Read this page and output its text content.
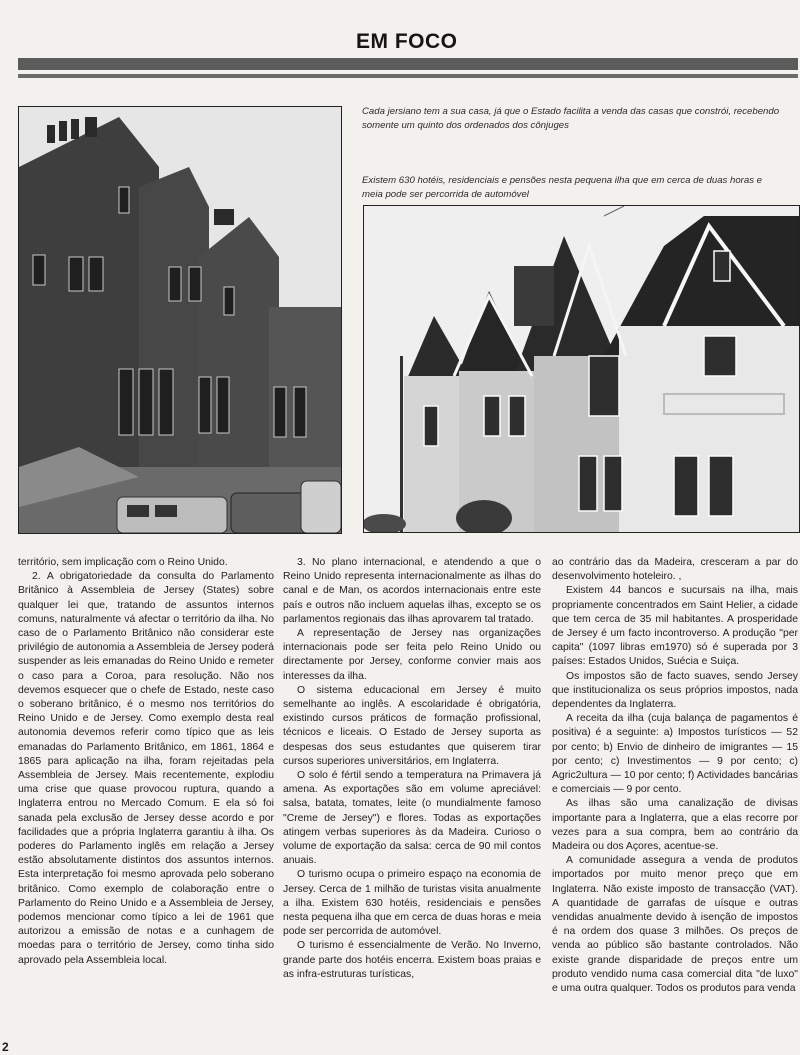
EM FOCO
Cada jersiano tem a sua casa, já que o Estado facilita a venda das casas que constrói, recebendo somente um quinto dos ordenados dos cônjuges
Existem 630 hotéis, residenciais e pensões nesta pequena ilha que em cerca de duas horas e meia pode ser percorrida de automóvel

território, sem implicação com o Reino Unido.

2. A obrigatoriedade da consulta do Parlamento Britânico à Assembleia de Jersey (States) sobre qualquer lei que, tratando de assuntos internos comuns, naturalmente vá afectar o território da ilha. No caso de o Parlamento Britânico não considerar este privilégio de autonomia a Assembleia de Jersey poderá suspender as leis emanadas do Reino Unido e remeter o caso para a Coroa, para resolução. Não nos devemos esquecer que o chefe de Estado, neste caso o soberano britânico, é o mesmo nos territórios do Reino Unido e de Jersey. Como exemplo desta real autonomia devemos referir como típico que as leis emanadas do Parlamento Britânico, em 1861, 1864 e 1865 para aplicação na ilha, foram rejeitadas pela Assembleia de Jersey. Mais recentemente, explodiu uma crise que quase provocou ruptura, quando a Inglaterra entrou no Mercado Comum. E ela só foi sanada pela exclusão de Jersey desse acordo e por facilidades que a própria Inglaterra garantiu à ilha. Os poderes do Parlamento inglês em relação a Jersey estão absolutamente distintos dos assuntos internos. Esta interpretação foi mesmo aprovada pelo soberano britânico. Como exemplo de colaboração entre o Parlamento do Reino Unido e a Assembleia de Jersey, podemos mencionar como típico a lei de 1961 que autorizou a emissão de notas e a cunhagem de moedas para o território de Jersey, como tinha sido aprovado pela Assembleia local.

3. No plano internacional, e atendendo a que o Reino Unido representa internacionalmente as ilhas do canal e de Man, os acordos internacionais entre este país e outros não incluem aquelas ilhas, excepto se os parlamentos regionais das ilhas aprovarem tal tratado.

A representação de Jersey nas organizações internacionais pode ser feita pelo Reino Unido ou directamente por Jersey, conforme convier mais aos interesses da ilha.

O sistema educacional em Jersey é muito semelhante ao inglês. A escolaridade é obrigatória, existindo cursos práticos de formação profissional, técnicos e liceais. O Estado de Jersey suporta as despesas dos seus estudantes que quiserem tirar cursos superiores universitários, em Inglaterra.

O solo é fértil sendo a temperatura na Primavera já amena. As exportações são em volume apreciável: salsa, batata, tomates, leite (o mundialmente famoso "Creme de Jersey") e flores. Todas as exportações atingem verbas superiores às da Madeira. Curioso o volume de exportação da salsa: cerca de 90 mil contos anuais.

O turismo ocupa o primeiro espaço na economia de Jersey. Cerca de 1 milhão de turistas visita anualmente a ilha. Existem 630 hotéis, residenciais e pensões nesta pequena ilha que em cerca de duas horas e meia pode ser percorrida de automóvel.

O turismo é essencialmente de Verão. No Inverno, grande parte dos hotéis encerra. Existem boas praias e as infra-estruturas turísticas,

ao contrário das da Madeira, cresceram a par do desenvolvimento hoteleiro. ,

Existem 44 bancos e sucursais na ilha, mais propriamente concentrados em Saint Helier, a cidade que tem cerca de 35 mil habitantes. A prosperidade de Jersey é um facto incontroverso. A produção "per capita" (1097 libras em1970) só é superada por 3 países: Estados Unidos, Suécia e Suiça.

Os impostos são de facto suaves, sendo Jersey que institucionaliza os seus próprios impostos, nada dependentes da Inglaterra.

A receita da ilha (cuja balança de pagamentos é positiva) é a seguinte: a) Impostos turísticos — 52 por cento; b) Envio de dinheiro de imigrantes — 15 por cento; c) Investimentos — 9 por cento; c) Agric2ultura — 10 por cento; f) Actividades bancárias e comerciais — 9 por cento.

As ilhas são uma canalização de divisas importante para a Inglaterra, que a elas recorre por vezes para a sua compra, bem ao contrário da Madeira ou dos Açores, acentue-se.

A comunidade assegura a venda de produtos importados por muito menor preço que em Inglaterra. Não existe imposto de transacção (VAT). A quantidade de garrafas de uísque e outras vendidas anualmente devido à isenção de impostos é na ordem dos quase 3 milhões. Os preços de venda ao público são bastante controlados. Não existe grande disparidade de preços entre um produto vendido numa casa comercial dita "de luxo" e uma outra qualquer. Todos os produtos para venda

2
